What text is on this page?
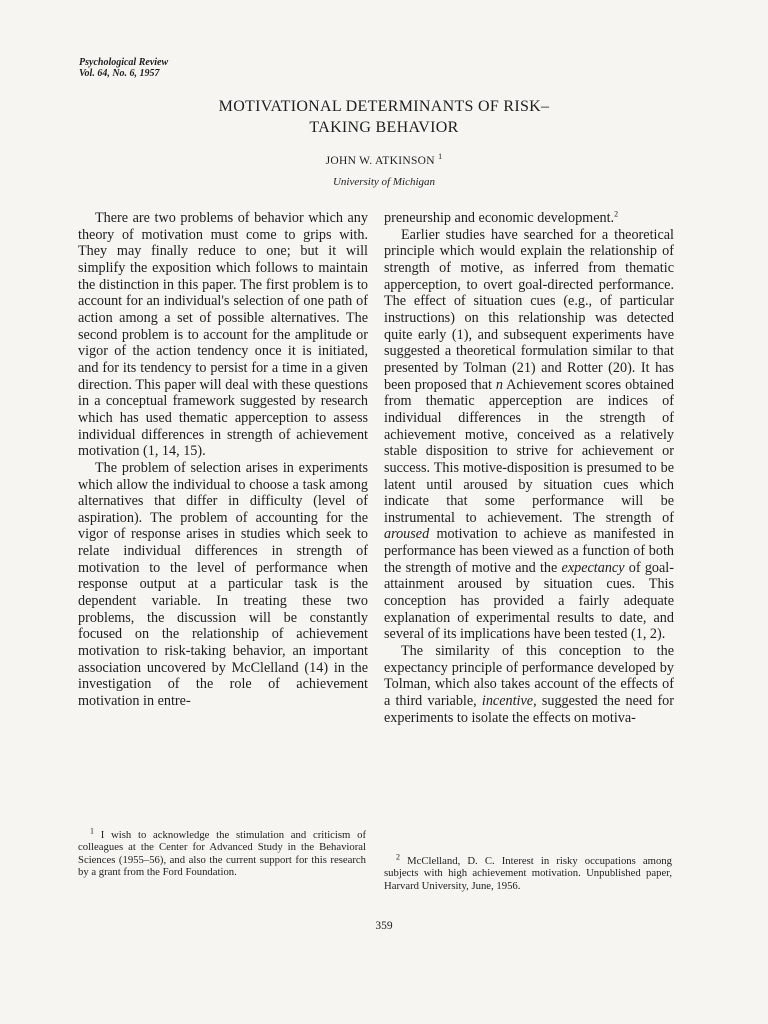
Psychological Review
Vol. 64, No. 6, 1957
MOTIVATIONAL DETERMINANTS OF RISK–
TAKING BEHAVIOR
JOHN W. ATKINSON $^1$
University of Michigan

There are two problems of behavior which any theory of motivation must come to grips with. They may finally reduce to one; but it will simplify the exposition which follows to maintain the distinction in this paper. The first problem is to account for an individual's selection of one path of action among a set of possible alternatives. The second problem is to account for the amplitude or vigor of the action tendency once it is initiated, and for its tendency to persist for a time in a given direction. This paper will deal with these questions in a conceptual framework suggested by research which has used thematic apperception to assess individual differences in strength of achievement motivation (1, 14, 15).

The problem of selection arises in experiments which allow the individual to choose a task among alternatives that differ in difficulty (level of aspiration). The problem of accounting for the vigor of response arises in studies which seek to relate individual differences in strength of motivation to the level of performance when response output at a particular task is the dependent variable. In treating these two problems, the discussion will be constantly focused on the relationship of achievement motivation to risk-taking behavior, an important association uncovered by McClelland (14) in the investigation of the role of achievement motivation in entre-

preneurship and economic development.$^2$

Earlier studies have searched for a theoretical principle which would explain the relationship of strength of motive, as inferred from thematic apperception, to overt goal-directed performance. The effect of situation cues (e.g., of particular instructions) on this relationship was detected quite early (1), and subsequent experiments have suggested a theoretical formulation similar to that presented by Tolman (21) and Rotter (20). It has been proposed that n Achievement scores obtained from thematic apperception are indices of individual differences in the strength of achievement motive, conceived as a relatively stable disposition to strive for achievement or success. This motive-disposition is presumed to be latent until aroused by situation cues which indicate that some performance will be instrumental to achievement. The strength of aroused motivation to achieve as manifested in performance has been viewed as a function of both the strength of motive and the expectancy of goal-attainment aroused by situation cues. This conception has provided a fairly adequate explanation of experimental results to date, and several of its implications have been tested (1, 2).

The similarity of this conception to the expectancy principle of performance developed by Tolman, which also takes account of the effects of a third variable, incentive, suggested the need for experiments to isolate the effects on motiva-

$^1$ I wish to acknowledge the stimulation and criticism of colleagues at the Center for Advanced Study in the Behavioral Sciences (1955–56), and also the current support for this research by a grant from the Ford Foundation.

$^2$ McClelland, D. C. Interest in risky occupations among subjects with high achievement motivation. Unpublished paper, Harvard University, June, 1956.

359
